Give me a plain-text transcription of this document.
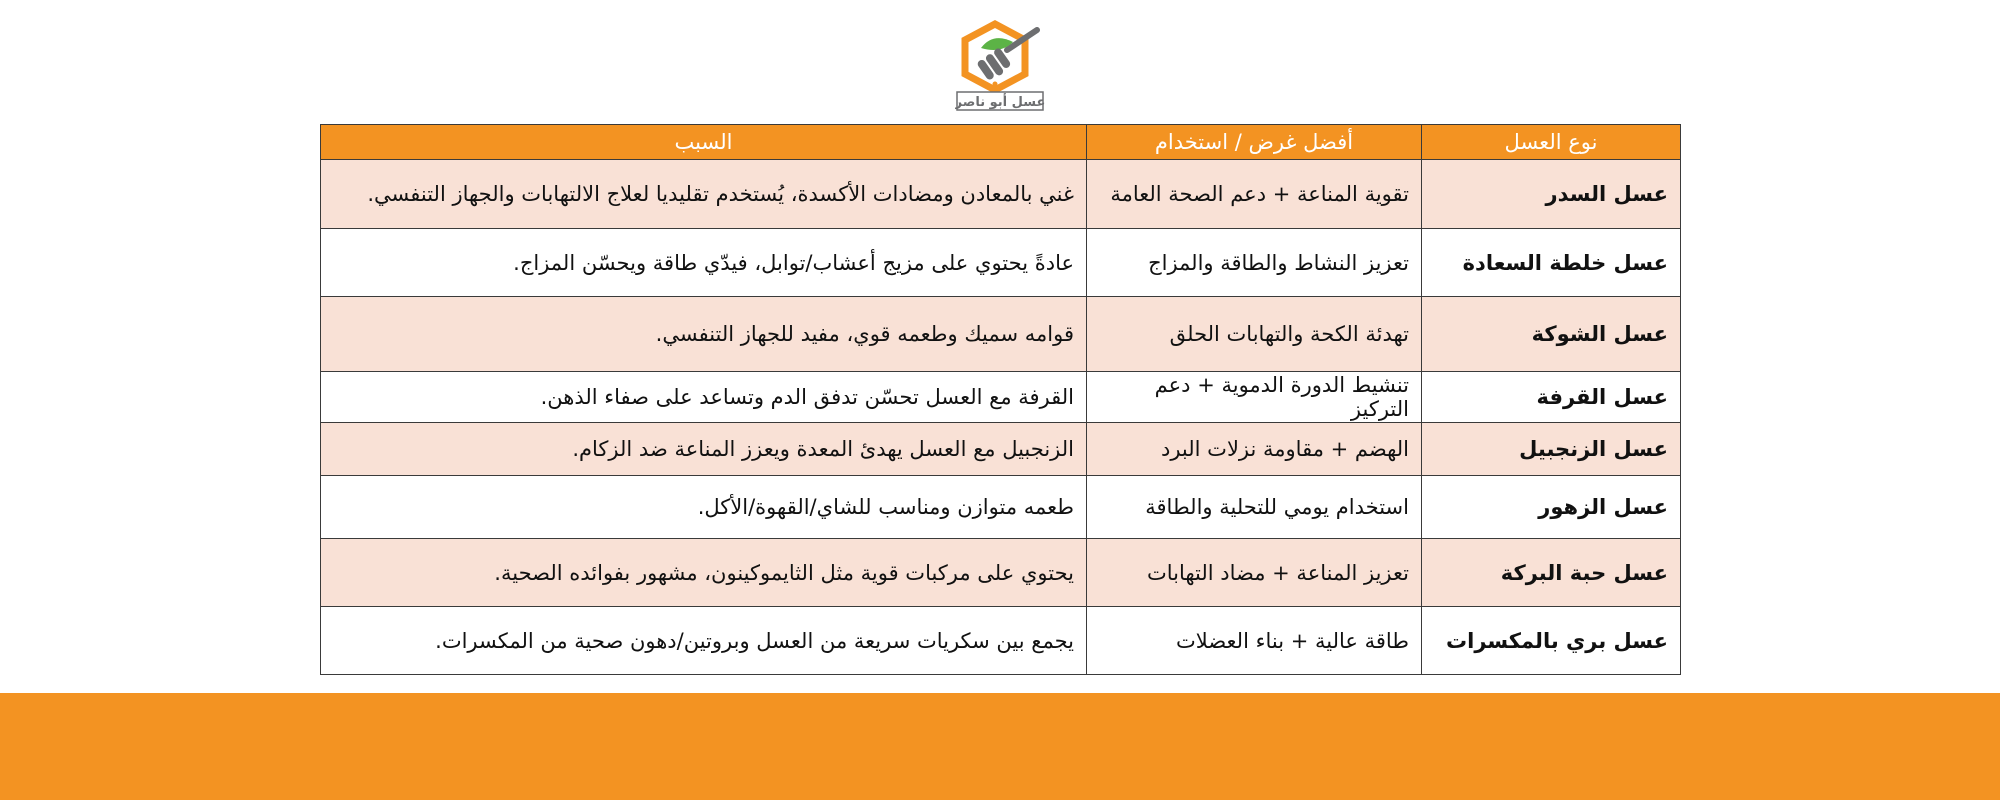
عسل أبو ناصر
نوع العسل	أفضل غرض / استخدام	السبب
عسل السدر	تقوية المناعة + دعم الصحة العامة	غني بالمعادن ومضادات الأكسدة، يُستخدم تقليديا لعلاج الالتهابات والجهاز التنفسي.
عسل خلطة السعادة	تعزيز النشاط والطاقة والمزاج	عادةً يحتوي على مزيج أعشاب/توابل، فيدّي طاقة ويحسّن المزاج.
عسل الشوكة	تهدئة الكحة والتهابات الحلق	قوامه سميك وطعمه قوي، مفيد للجهاز التنفسي.
عسل القرفة	تنشيط الدورة الدموية + دعم التركيز	القرفة مع العسل تحسّن تدفق الدم وتساعد على صفاء الذهن.
عسل الزنجبيل	الهضم + مقاومة نزلات البرد	الزنجبيل مع العسل يهدئ المعدة ويعزز المناعة ضد الزكام.
عسل الزهور	استخدام يومي للتحلية والطاقة	طعمه متوازن ومناسب للشاي/القهوة/الأكل.
عسل حبة البركة	تعزيز المناعة + مضاد التهابات	يحتوي على مركبات قوية مثل الثايموكينون، مشهور بفوائده الصحية.
عسل بري بالمكسرات	طاقة عالية + بناء العضلات	يجمع بين سكريات سريعة من العسل وبروتين/دهون صحية من المكسرات.
